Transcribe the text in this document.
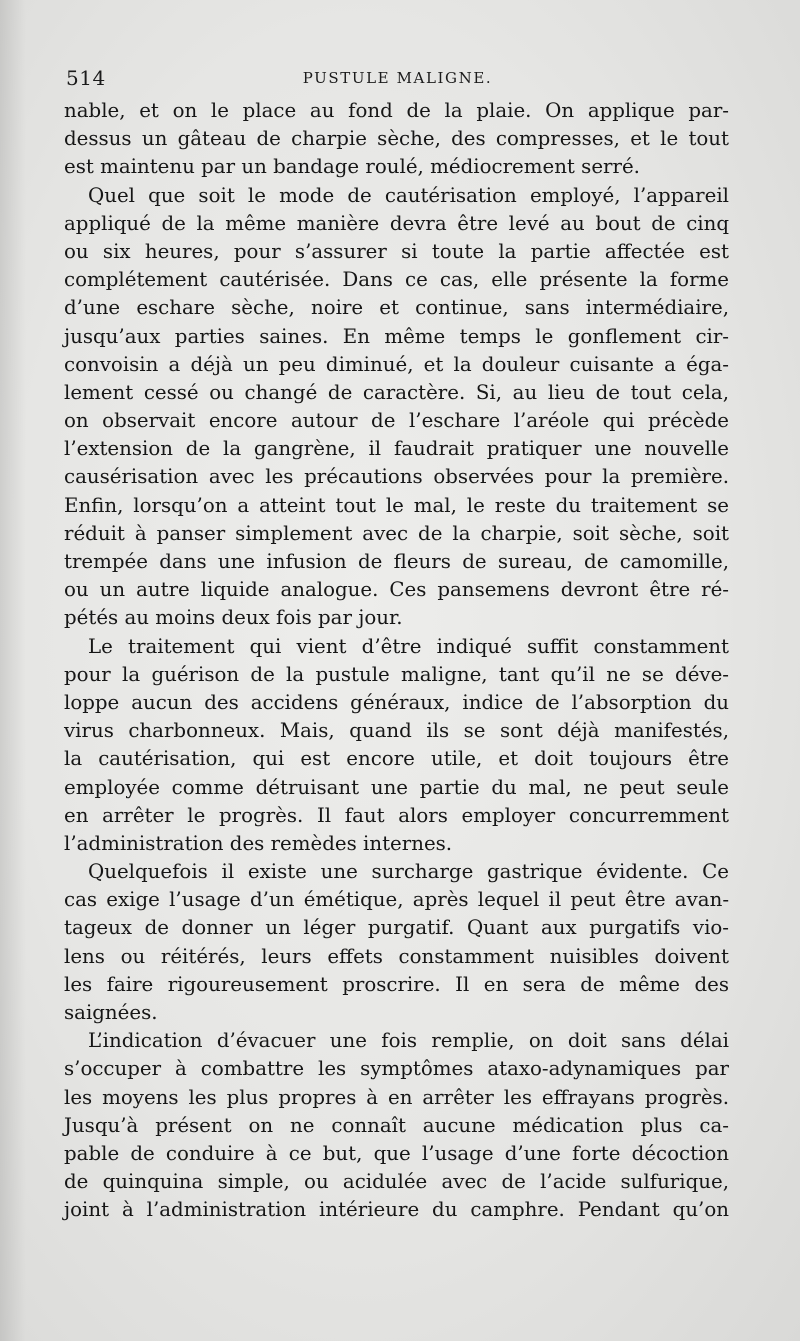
514	PUSTULE MALIGNE.
nable, et on le place au fond de la plaie. On applique par-
dessus un gâteau de charpie sèche, des compresses, et le tout
est maintenu par un bandage roulé, médiocrement serré.
Quel que soit le mode de cautérisation employé, l’appareil
appliqué de la même manière devra être levé au bout de cinq
ou six heures, pour s’assurer si toute la partie affectée est
complétement cautérisée. Dans ce cas, elle présente la forme
d’une eschare sèche, noire et continue, sans intermédiaire,
jusqu’aux parties saines. En même temps le gonflement cir-
convoisin a déjà un peu diminué, et la douleur cuisante a éga-
lement cessé ou changé de caractère. Si, au lieu de tout cela,
on observait encore autour de l’eschare l’aréole qui précède
l’extension de la gangrène, il faudrait pratiquer une nouvelle
causérisation avec les précautions observées pour la première.
Enfin, lorsqu’on a atteint tout le mal, le reste du traitement se
réduit à panser simplement avec de la charpie, soit sèche, soit
trempée dans une infusion de fleurs de sureau, de camomille,
ou un autre liquide analogue. Ces pansemens devront être ré-
pétés au moins deux fois par jour.
Le traitement qui vient d’être indiqué suffit constamment
pour la guérison de la pustule maligne, tant qu’il ne se déve-
loppe aucun des accidens généraux, indice de l’absorption du
virus charbonneux. Mais, quand ils se sont déjà manifestés,
la cautérisation, qui est encore utile, et doit toujours être
employée comme détruisant une partie du mal, ne peut seule
en arrêter le progrès. Il faut alors employer concurremment
l’administration des remèdes internes.
Quelquefois il existe une surcharge gastrique évidente. Ce
cas exige l’usage d’un émétique, après lequel il peut être avan-
tageux de donner un léger purgatif. Quant aux purgatifs vio-
lens ou réitérés, leurs effets constamment nuisibles doivent
les faire rigoureusement proscrire. Il en sera de même des
saignées.
L’indication d’évacuer une fois remplie, on doit sans délai
s’occuper à combattre les symptômes ataxo-adynamiques par
les moyens les plus propres à en arrêter les effrayans progrès.
Jusqu’à présent on ne connaît aucune médication plus ca-
pable de conduire à ce but, que l’usage d’une forte décoction
de quinquina simple, ou acidulée avec de l’acide sulfurique,
joint à l’administration intérieure du camphre. Pendant qu’on
